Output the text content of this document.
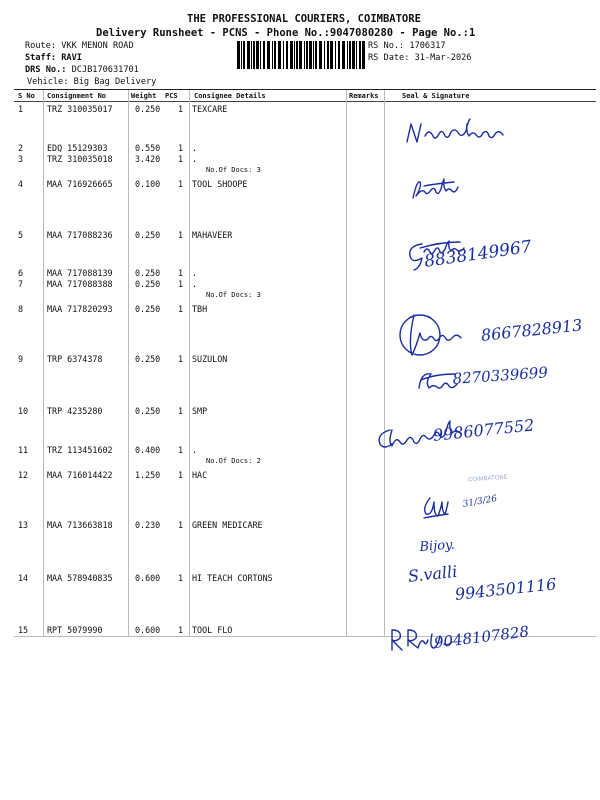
THE PROFESSIONAL COURIERS, COIMBATORE
Delivery Runsheet - PCNS - Phone No.:9047080280 - Page No.:1
Route: VKK MENON ROAD
Staff: RAVI
DRS No.: DCJB170631701
Vehicle: Big Bag Delivery
RS No.: 1706317
RS Date: 31-Mar-2026
S No Consignment No	Weight PCS Consignee Details	Remarks	Seal & Signature
1	TRZ 310035017	0.250 1 TEXCARE
2	EDQ 15129303	0.550 1 .
3	TRZ 310035018	3.420 1 .
No.Of Docs: 3
4	MAA 716926665	0.100 1 TOOL SHOOPE
5	MAA 717088236	0.250 1 MAHAVEER
6	MAA 717088139	0.250 1 .
7	MAA 717088388	0.250 1 .
No.Of Docs: 3
8	MAA 717820293	0.250 1 TBH
9	TRP 6374378	0.250 1 SUZULON
10 TRP 4235280	0.250 1 SMP
11 TRZ 113451602	0.400 1 .
No.Of Docs: 2
12 MAA 716014422	1.250 1 HAC
13 MAA 713663818	0.230 1 GREEN MEDICARE
14 MAA 578940835	0.600 1 HI TEACH CORTONS
15 RPT 5079990	0.600 1 TOOL FLO
8838149967
8667828913
8270339699
9986077552
COIMBATORE
31/3/26
Bijoy.
S.valli
9943501116
9048107828
